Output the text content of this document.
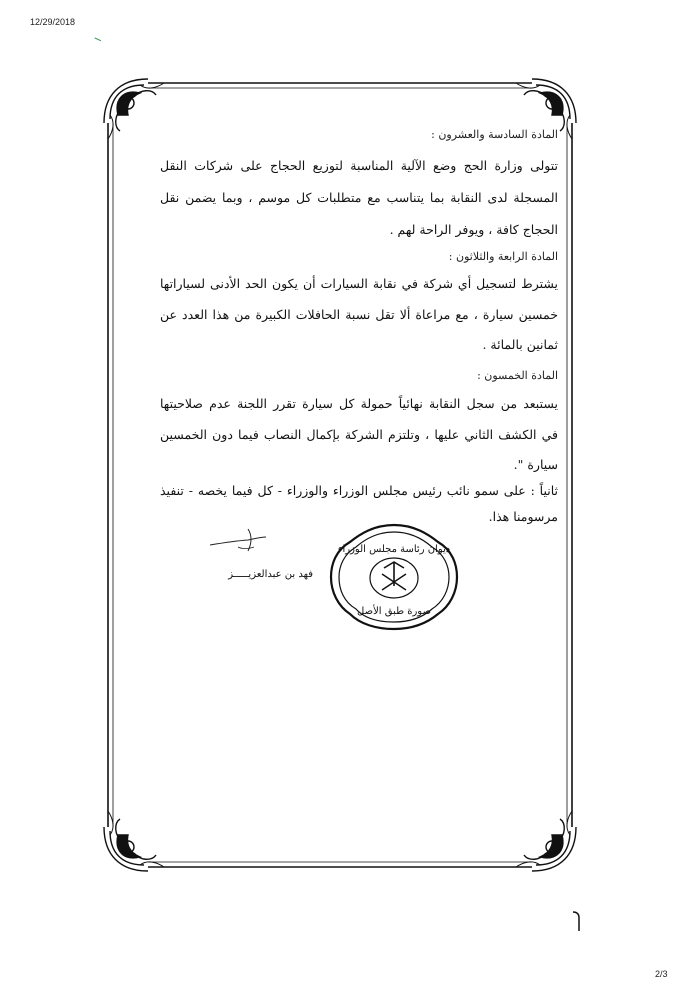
12/29/2018
2/3
المادة السادسة والعشرون :
تتولى وزارة الحج وضع الآلية المناسبة لتوزيع الحجاج على شركات النقل
المسجلة لدى النقابة بما يتناسب مع متطلبات كل موسم ، وبما يضمن نقل
الحجاج كافة ، ويوفر الراحة لهم .
المادة الرابعة والثلاثون :
يشترط لتسجيل أي شركة في نقابة السيارات أن يكون الحد الأدنى لسياراتها
خمسين سيارة ، مع مراعاة ألا تقل نسبة الحافلات الكبيرة من هذا العدد عن
ثمانين بالمائة .
المادة الخمسون :
يستبعد من سجل النقابة نهائياً حمولة كل سيارة تقرر اللجنة عدم صلاحيتها
في الكشف الثاني عليها ، وتلتزم الشركة بإكمال النصاب فيما دون الخمسين
سيارة ".
ثانياً : على سمو نائب رئيس مجلس الوزراء والوزراء - كل فيما يخصه - تنفيذ
مرسومنا هذا.
فهد بن عبدالعزيـــــز
ديوان رئاسة مجلس الوزراء
صورة طبق الأصل
